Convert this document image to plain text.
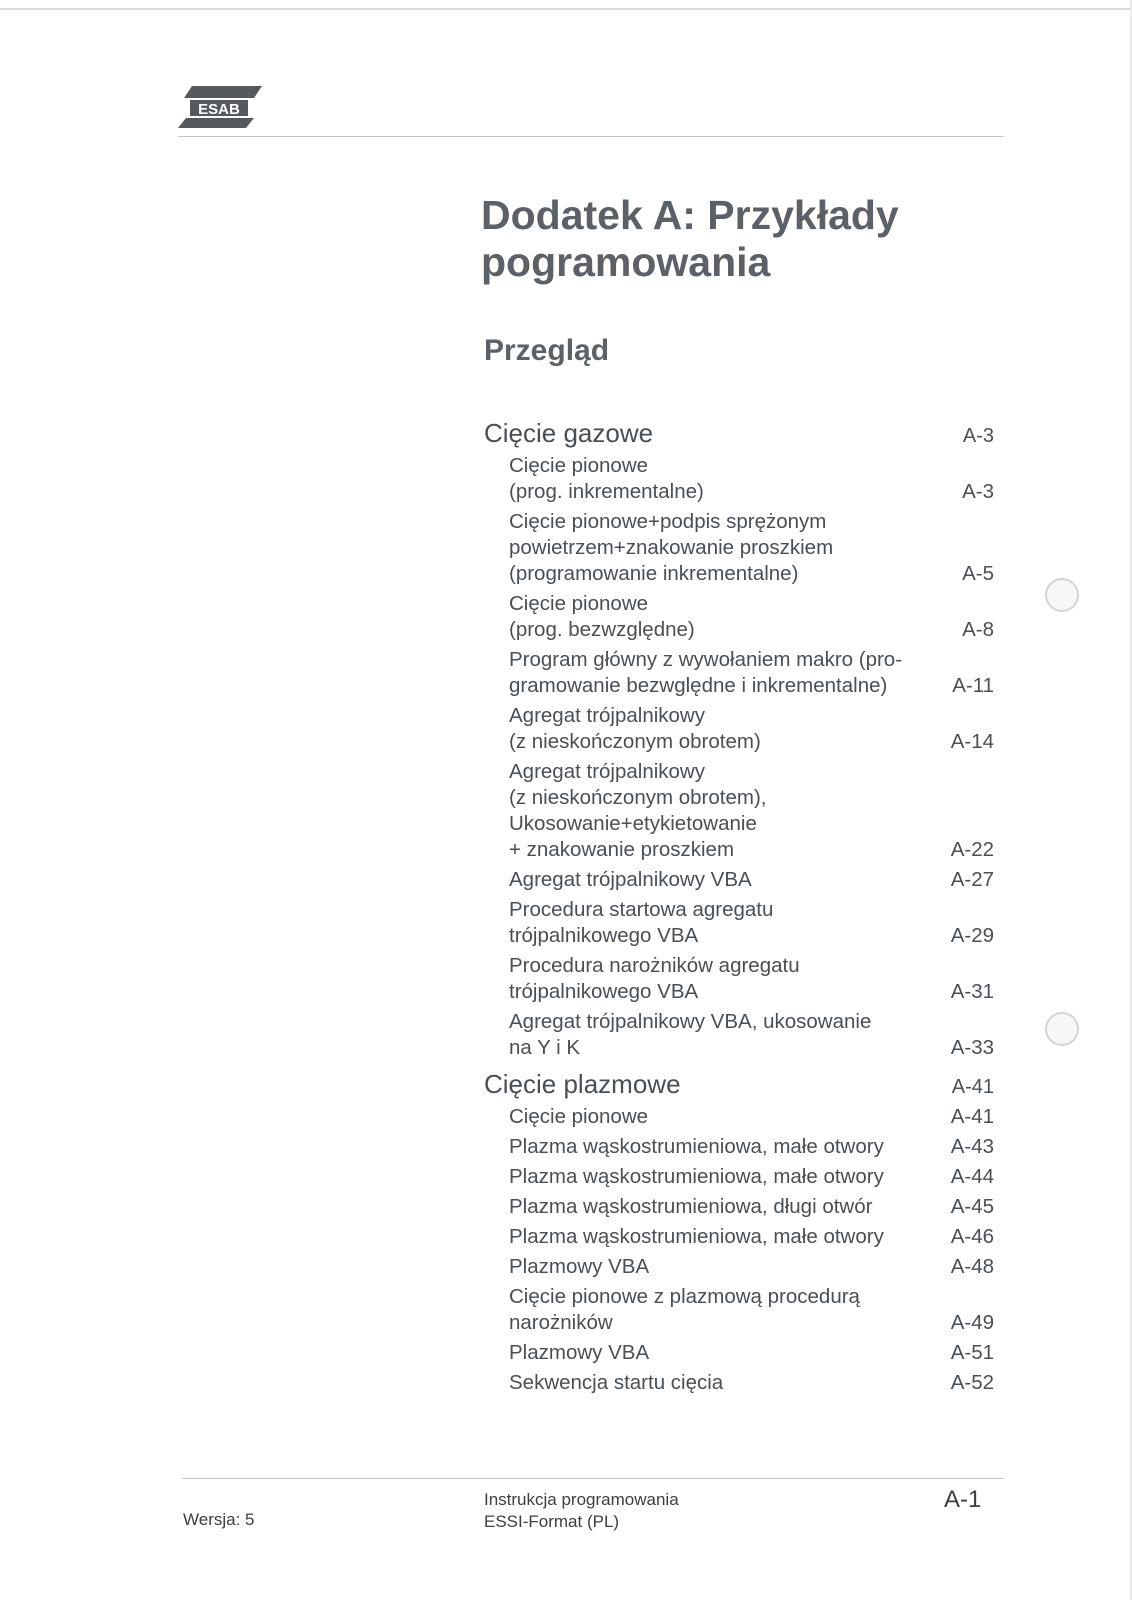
ESAB
Dodatek A: Przykłady
pogramowania
Przegląd
Cięcie gazowe	A-3
Cięcie pionowe
(prog. inkrementalne)	A-3
Cięcie pionowe+podpis sprężonym
powietrzem+znakowanie proszkiem
(programowanie inkrementalne)	A-5
Cięcie pionowe
(prog. bezwzględne)	A-8
Program główny z wywołaniem makro (pro-
gramowanie bezwględne i inkrementalne)	A-11
Agregat trójpalnikowy
(z nieskończonym obrotem)	A-14
Agregat trójpalnikowy
(z nieskończonym obrotem),
Ukosowanie+etykietowanie
+ znakowanie proszkiem	A-22
Agregat trójpalnikowy VBA	A-27
Procedura startowa agregatu
trójpalnikowego VBA	A-29
Procedura narożników agregatu
trójpalnikowego VBA	A-31
Agregat trójpalnikowy VBA, ukosowanie
na Y i K	A-33
Cięcie plazmowe	A-41
Cięcie pionowe	A-41
Plazma wąskostrumieniowa, małe otwory	A-43
Plazma wąskostrumieniowa, małe otwory	A-44
Plazma wąskostrumieniowa, długi otwór	A-45
Plazma wąskostrumieniowa, małe otwory	A-46
Plazmowy VBA	A-48
Cięcie pionowe z plazmową procedurą
narożników	A-49
Plazmowy VBA	A-51
Sekwencja startu cięcia	A-52
Wersja: 5
Instrukcja programowania
ESSI-Format (PL)
A-1
